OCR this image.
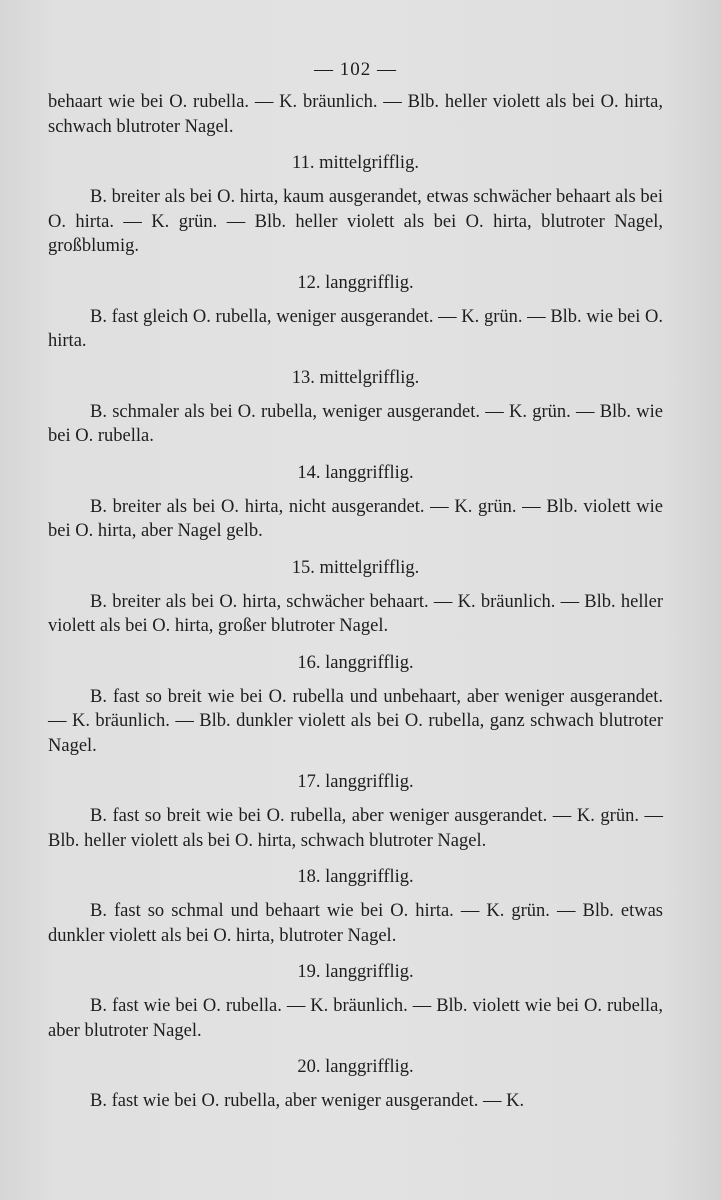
— 102 —

behaart wie bei O. rubella. — K. bräunlich. — Blb. heller violett als bei O. hirta, schwach blutroter Nagel.

11. mittelgrifflig.

B. breiter als bei O. hirta, kaum ausgerandet, etwas schwächer behaart als bei O. hirta. — K. grün. — Blb. heller violett als bei O. hirta, blutroter Nagel, großblumig.

12. langgrifflig.

B. fast gleich O. rubella, weniger ausgerandet. — K. grün. — Blb. wie bei O. hirta.

13. mittelgrifflig.

B. schmaler als bei O. rubella, weniger ausgerandet. — K. grün. — Blb. wie bei O. rubella.

14. langgrifflig.

B. breiter als bei O. hirta, nicht ausgerandet. — K. grün. — Blb. violett wie bei O. hirta, aber Nagel gelb.

15. mittelgrifflig.

B. breiter als bei O. hirta, schwächer behaart. — K. bräunlich. — Blb. heller violett als bei O. hirta, großer blutroter Nagel.

16. langgrifflig.

B. fast so breit wie bei O. rubella und unbehaart, aber weniger ausgerandet. — K. bräunlich. — Blb. dunkler violett als bei O. rubella, ganz schwach blutroter Nagel.

17. langgrifflig.

B. fast so breit wie bei O. rubella, aber weniger ausgerandet. — K. grün. — Blb. heller violett als bei O. hirta, schwach blutroter Nagel.

18. langgrifflig.

B. fast so schmal und behaart wie bei O. hirta. — K. grün. — Blb. etwas dunkler violett als bei O. hirta, blutroter Nagel.

19. langgrifflig.

B. fast wie bei O. rubella. — K. bräunlich. — Blb. violett wie bei O. rubella, aber blutroter Nagel.

20. langgrifflig.

B. fast wie bei O. rubella, aber weniger ausgerandet. — K.
